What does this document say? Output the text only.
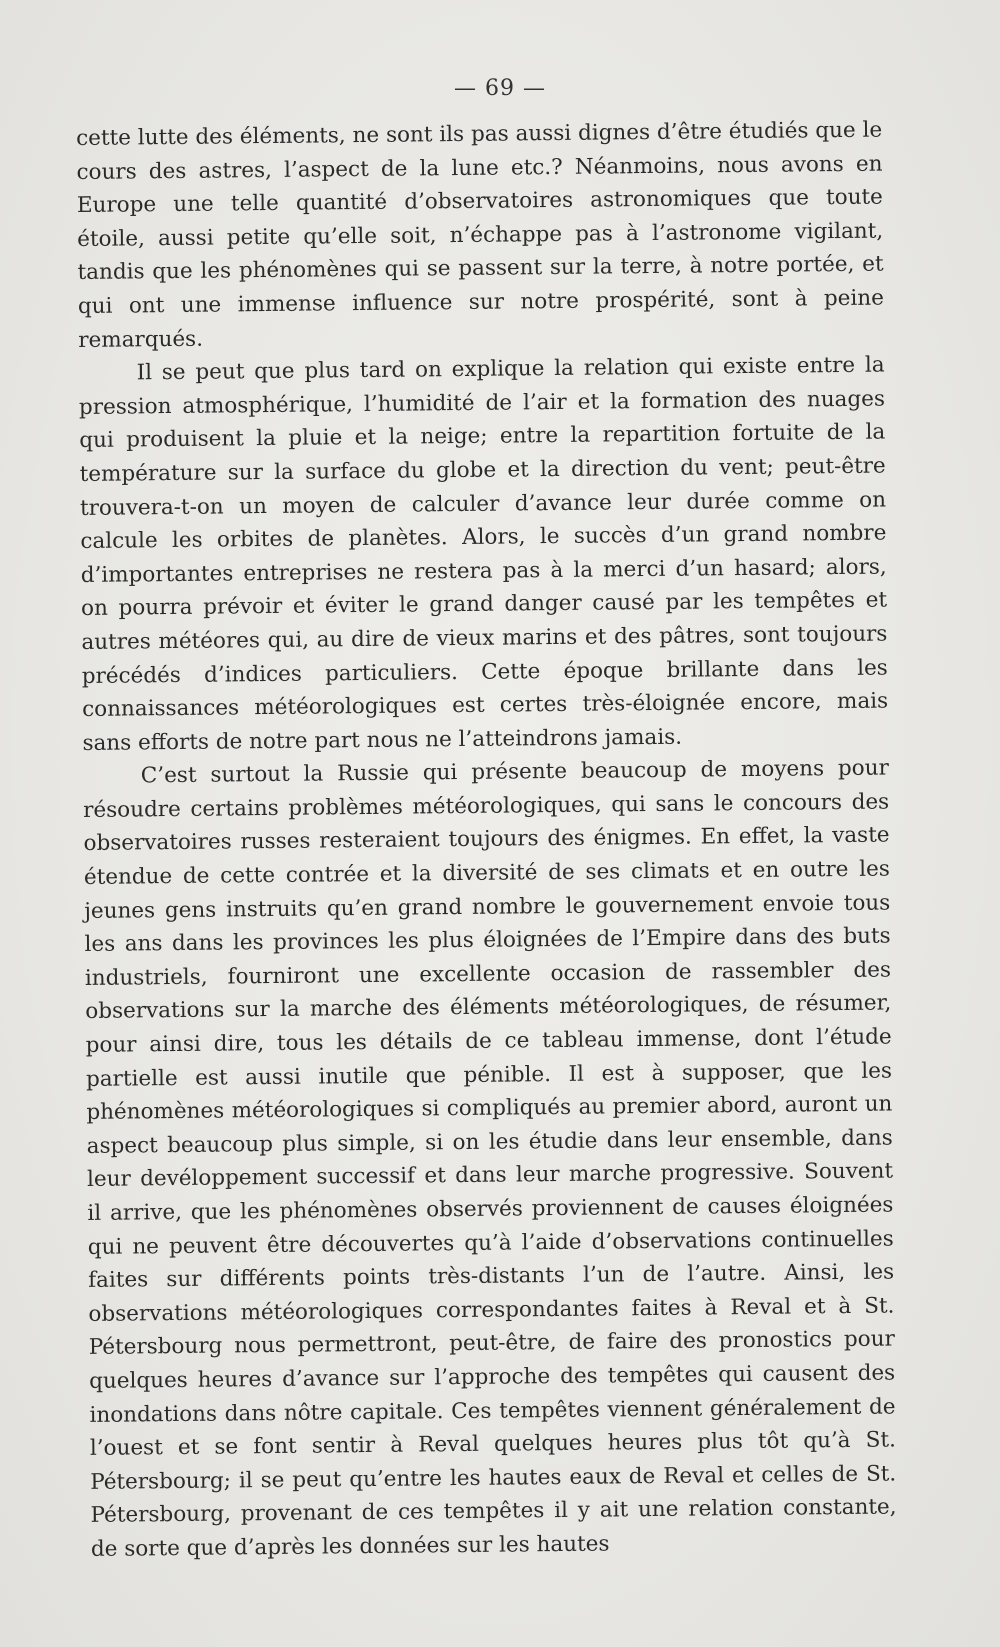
— 69 —

cette lutte des éléments, ne sont ils pas aussi dignes d’être étudiés que le cours des astres, l’aspect de la lune etc.? Néanmoins, nous avons en Europe une telle quantité d’observatoires astronomiques que toute étoile, aussi petite qu’elle soit, n’échappe pas à l’astronome vigilant, tandis que les phénomènes qui se passent sur la terre, à notre portée, et qui ont une immense influence sur notre prospérité, sont à peine remarqués.

Il se peut que plus tard on explique la relation qui existe entre la pression atmosphérique, l’humidité de l’air et la formation des nuages qui produisent la pluie et la neige; entre la repartition fortuite de la température sur la surface du globe et la direction du vent; peut-être trouvera-t-on un moyen de calculer d’avance leur durée comme on calcule les orbites de planètes. Alors, le succès d’un grand nombre d’importantes entreprises ne restera pas à la merci d’un hasard; alors, on pourra prévoir et éviter le grand danger causé par les tempêtes et autres météores qui, au dire de vieux marins et des pâtres, sont toujours précédés d’indices particuliers. Cette époque brillante dans les connaissances météorologiques est certes très-éloignée encore, mais sans efforts de notre part nous ne l’atteindrons jamais.

C’est surtout la Russie qui présente beaucoup de moyens pour résoudre certains problèmes météorologiques, qui sans le concours des observatoires russes resteraient toujours des énigmes. En effet, la vaste étendue de cette contrée et la diversité de ses climats et en outre les jeunes gens instruits qu’en grand nombre le gouvernement envoie tous les ans dans les provinces les plus éloignées de l’Empire dans des buts industriels, fourniront une excellente occasion de rassembler des observations sur la marche des éléments météorologiques, de résumer, pour ainsi dire, tous les détails de ce tableau immense, dont l’étude partielle est aussi inutile que pénible. Il est à supposer, que les phénomènes météorologiques si compliqués au premier abord, auront un aspect beaucoup plus simple, si on les étudie dans leur ensemble, dans leur devéloppement successif et dans leur marche progressive. Souvent il arrive, que les phénomènes observés proviennent de causes éloignées qui ne peuvent être découvertes qu’à l’aide d’observations continuelles faites sur différents points très-distants l’un de l’autre. Ainsi, les observations météorologiques correspondantes faites à Reval et à St. Pétersbourg nous permettront, peut-être, de faire des pronostics pour quelques heures d’avance sur l’approche des tempêtes qui causent des inondations dans nôtre capitale. Ces tempêtes viennent généralement de l’ouest et se font sentir à Reval quelques heures plus tôt qu’à St. Pétersbourg; il se peut qu’entre les hautes eaux de Reval et celles de St. Pétersbourg, provenant de ces tempêtes il y ait une relation constante, de sorte que d’après les données sur les hautes
